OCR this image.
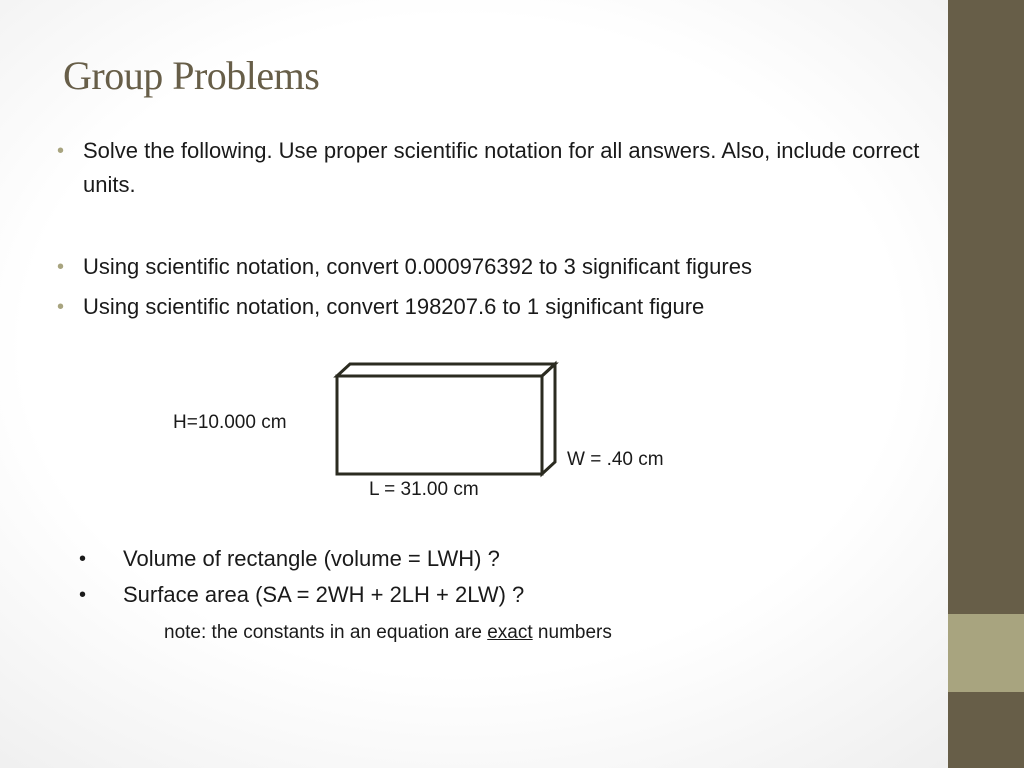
Group Problems
• Solve the following. Use proper scientific notation for all answers. Also, include correct units.
• Using scientific notation, convert 0.000976392 to 3 significant figures
• Using scientific notation, convert 198207.6 to 1 significant figure
H=10.000 cm
W = .40 cm
L = 31.00 cm
• Volume of rectangle (volume = LWH) ?
• Surface area (SA = 2WH + 2LH + 2LW) ?
note: the constants in an equation are exact numbers
